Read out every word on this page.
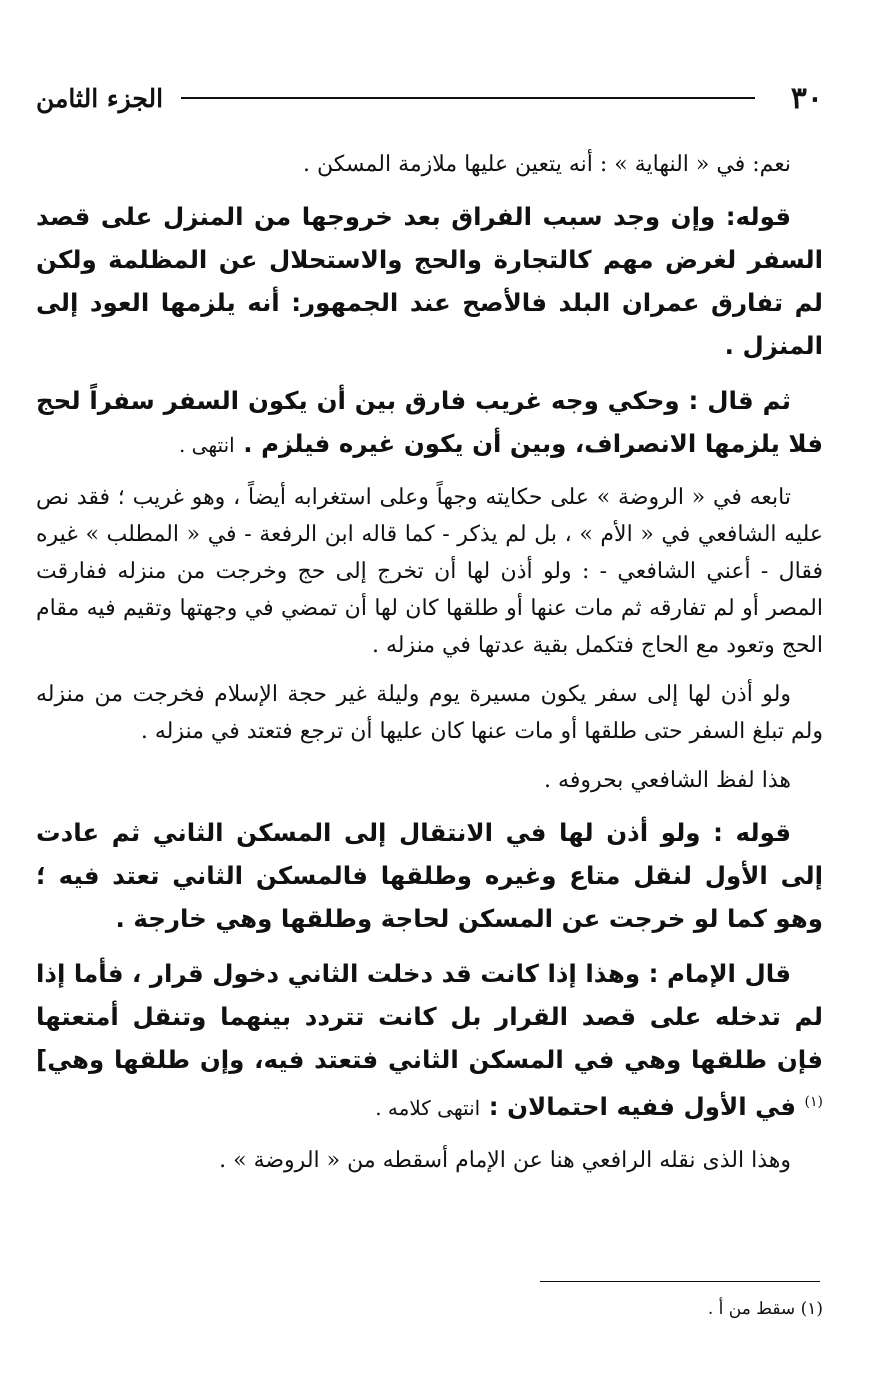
٣٠
الجزء الثامن

نعم: في « النهاية » : أنه يتعين عليها ملازمة المسكن .

قوله: وإن وجد سبب الفراق بعد خروجها من المنزل على قصد السفر لغرض مهم كالتجارة والحج والاستحلال عن المظلمة ولكن لم تفارق عمران البلد فالأصح عند الجمهور: أنه يلزمها العود إلى المنزل .

ثم قال : وحكي وجه غريب فارق بين أن يكون السفر سفراً لحج فلا يلزمها الانصراف، وبين أن يكون غيره فيلزم . انتهى .

تابعه في « الروضة » على حكايته وجهاً وعلى استغرابه أيضاً ، وهو غريب ؛ فقد نص عليه الشافعي في « الأم » ، بل لم يذكر - كما قاله ابن الرفعة - في « المطلب » غيره فقال - أعني الشافعي - : ولو أذن لها أن تخرج إلى حج وخرجت من منزله ففارقت المصر أو لم تفارقه ثم مات عنها أو طلقها كان لها أن تمضي في وجهتها وتقيم فيه مقام الحج وتعود مع الحاج فتكمل بقية عدتها في منزله .

ولو أذن لها إلى سفر يكون مسيرة يوم وليلة غير حجة الإسلام فخرجت من منزله ولم تبلغ السفر حتى طلقها أو مات عنها كان عليها أن ترجع فتعتد في منزله .

هذا لفظ الشافعي بحروفه .

قوله : ولو أذن لها في الانتقال إلى المسكن الثاني ثم عادت إلى الأول لنقل متاع وغيره وطلقها فالمسكن الثاني تعتد فيه ؛ وهو كما لو خرجت عن المسكن لحاجة وطلقها وهي خارجة .

قال الإمام : وهذا إذا كانت قد دخلت الثاني دخول قرار ، فأما إذا لم تدخله على قصد القرار بل كانت تتردد بينهما وتنقل أمتعتها فإن طلقها وهي في المسكن الثاني فتعتد فيه، وإن طلقها وهي] $^{(١)}$ في الأول ففيه احتمالان : انتهى كلامه .

وهذا الذى نقله الرافعي هنا عن الإمام أسقطه من « الروضة » .

(١) سقط من أ .
